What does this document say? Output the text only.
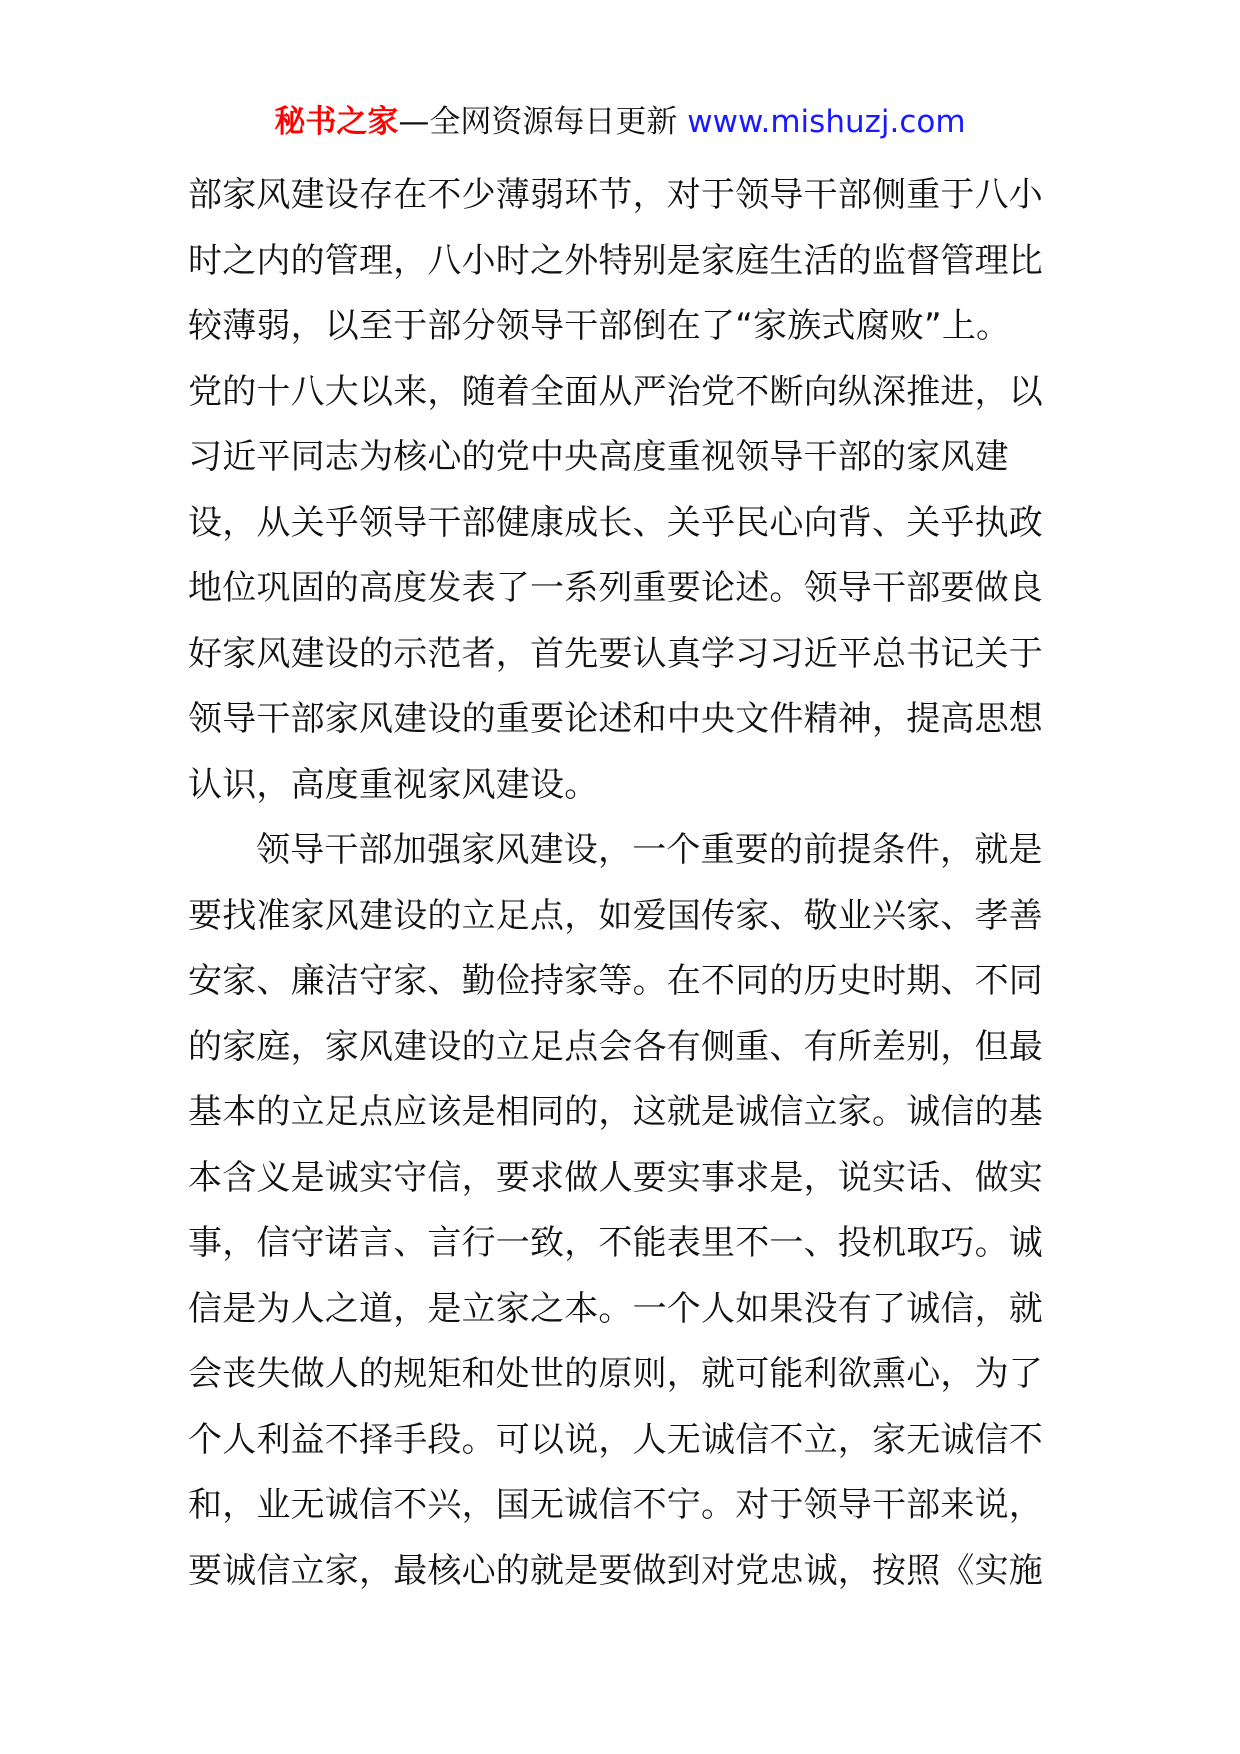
秘书之家—全网资源每日更新 www.mishuzj.com
部家风建设存在不少薄弱环节，对于领导干部侧重于八小
时之内的管理，八小时之外特别是家庭生活的监督管理比
较薄弱，以至于部分领导干部倒在了“家族式腐败”上。
党的十八大以来，随着全面从严治党不断向纵深推进，以
习近平同志为核心的党中央高度重视领导干部的家风建
设，从关乎领导干部健康成长、关乎民心向背、关乎执政
地位巩固的高度发表了一系列重要论述。领导干部要做良
好家风建设的示范者，首先要认真学习习近平总书记关于
领导干部家风建设的重要论述和中央文件精神，提高思想
认识，高度重视家风建设。
领导干部加强家风建设，一个重要的前提条件，就是
要找准家风建设的立足点，如爱国传家、敬业兴家、孝善
安家、廉洁守家、勤俭持家等。在不同的历史时期、不同
的家庭，家风建设的立足点会各有侧重、有所差别，但最
基本的立足点应该是相同的，这就是诚信立家。诚信的基
本含义是诚实守信，要求做人要实事求是，说实话、做实
事，信守诺言、言行一致，不能表里不一、投机取巧。诚
信是为人之道，是立家之本。一个人如果没有了诚信，就
会丧失做人的规矩和处世的原则，就可能利欲熏心，为了
个人利益不择手段。可以说，人无诚信不立，家无诚信不
和，业无诚信不兴，国无诚信不宁。对于领导干部来说，
要诚信立家，最核心的就是要做到对党忠诚，按照《实施
